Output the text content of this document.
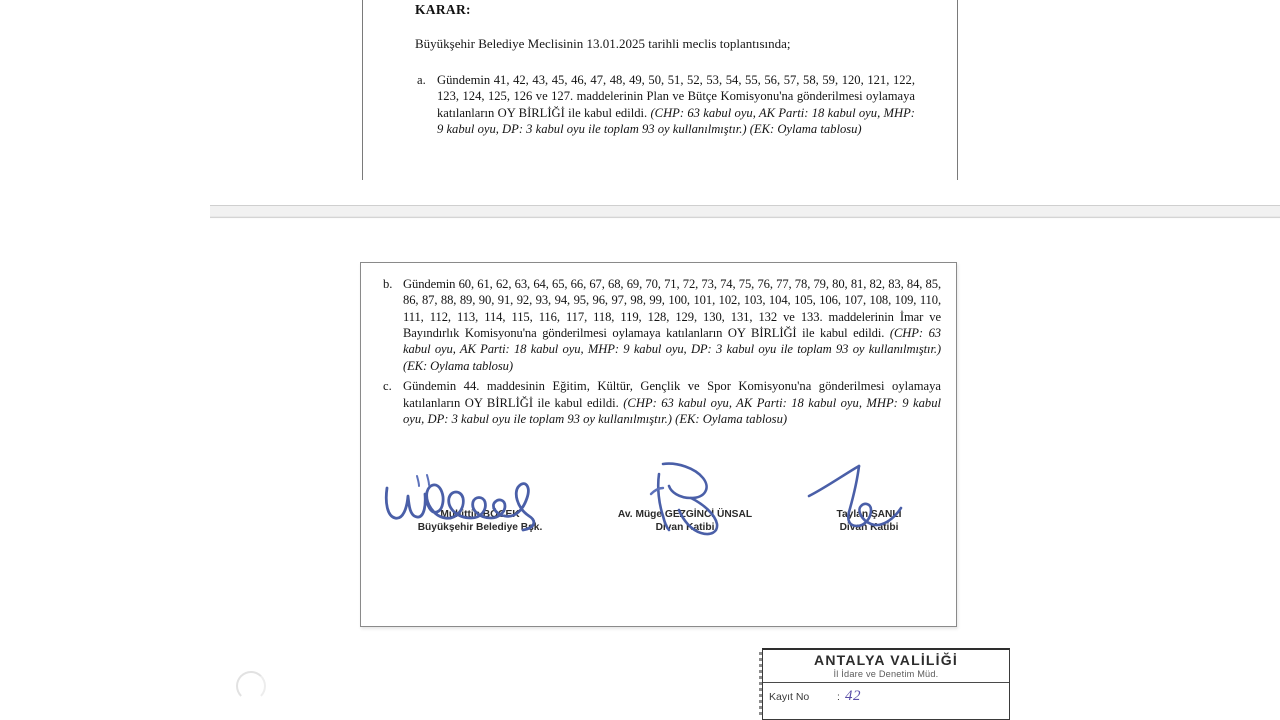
KARAR:
Büyükşehir Belediye Meclisinin 13.01.2025 tarihli meclis toplantısında;
a. Gündemin 41, 42, 43, 45, 46, 47, 48, 49, 50, 51, 52, 53, 54, 55, 56, 57, 58, 59, 120, 121, 122, 123, 124, 125, 126 ve 127. maddelerinin Plan ve Bütçe Komisyonu'na gönderilmesi oylamaya katılanların OY BİRLİĞİ ile kabul edildi. (CHP: 63 kabul oyu, AK Parti: 18 kabul oyu, MHP: 9 kabul oyu, DP: 3 kabul oyu ile toplam 93 oy kullanılmıştır.) (EK: Oylama tablosu)
b. Gündemin 60, 61, 62, 63, 64, 65, 66, 67, 68, 69, 70, 71, 72, 73, 74, 75, 76, 77, 78, 79, 80, 81, 82, 83, 84, 85, 86, 87, 88, 89, 90, 91, 92, 93, 94, 95, 96, 97, 98, 99, 100, 101, 102, 103, 104, 105, 106, 107, 108, 109, 110, 111, 112, 113, 114, 115, 116, 117, 118, 119, 128, 129, 130, 131, 132 ve 133. maddelerinin İmar ve Bayındırlık Komisyonu'na gönderilmesi oylamaya katılanların OY BİRLİĞİ ile kabul edildi. (CHP: 63 kabul oyu, AK Parti: 18 kabul oyu, MHP: 9 kabul oyu, DP: 3 kabul oyu ile toplam 93 oy kullanılmıştır.) (EK: Oylama tablosu)
c. Gündemin 44. maddesinin Eğitim, Kültür, Gençlik ve Spor Komisyonu'na gönderilmesi oylamaya katılanların OY BİRLİĞİ ile kabul edildi. (CHP: 63 kabul oyu, AK Parti: 18 kabul oyu, MHP: 9 kabul oyu, DP: 3 kabul oyu ile toplam 93 oy kullanılmıştır.) (EK: Oylama tablosu)
Muhittin BÖCEK
Büyükşehir Belediye Bşk.
Av. Müge GEZGİNCİ ÜNSAL
Divan Katibi
Taylan ŞANLI
Divan Katibi
ANTALYA VALİLİĞİ
İl İdare ve Denetim Müd.
Kayıt No	: 42
